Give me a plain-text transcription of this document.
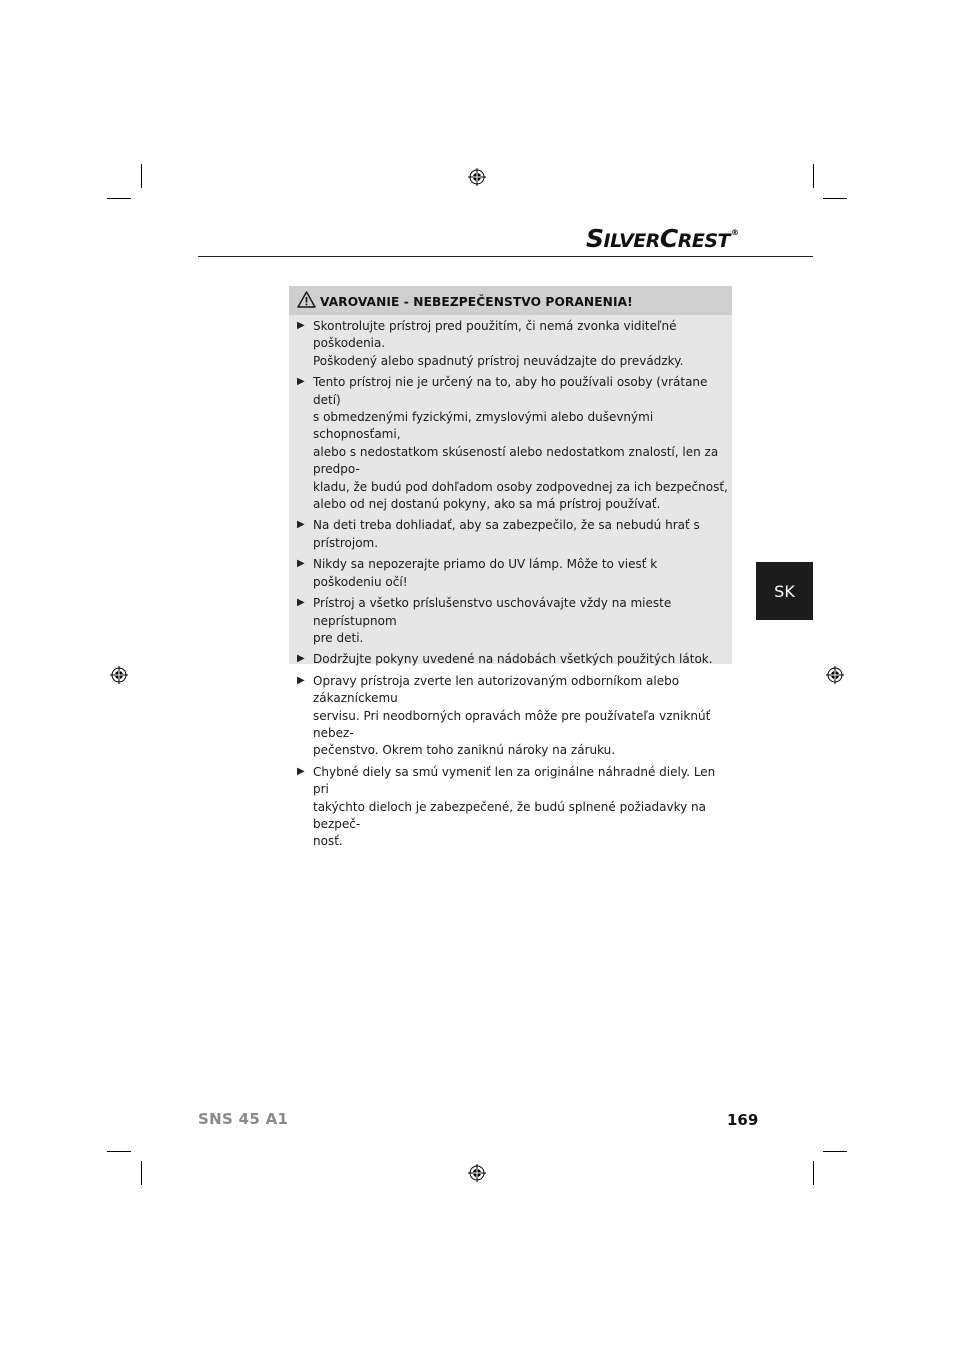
SILVERCREST®
VAROVANIE - NEBEZPEČENSTVO PORANENIA!
▶ Skontrolujte prístroj pred použitím, či nemá zvonka viditeľné poškodenia.
Poškodený alebo spadnutý prístroj neuvádzajte do prevádzky.
▶ Tento prístroj nie je určený na to, aby ho používali osoby (vrátane detí)
s obmedzenými fyzickými, zmyslovými alebo duševnými schopnosťami,
alebo s nedostatkom skúseností alebo nedostatkom znalostí, len za predpo-
kladu, že budú pod dohľadom osoby zodpovednej za ich bezpečnosť,
alebo od nej dostanú pokyny, ako sa má prístroj používať.
▶ Na deti treba dohliadať, aby sa zabezpečilo, že sa nebudú hrať s prístrojom.
▶ Nikdy sa nepozerajte priamo do UV lámp. Môže to viesť k poškodeniu očí!
▶ Prístroj a všetko príslušenstvo uschovávajte vždy na mieste neprístupnom
pre deti.
▶ Dodržujte pokyny uvedené na nádobách všetkých použitých látok.
▶ Opravy prístroja zverte len autorizovaným odborníkom alebo zákazníckemu
servisu. Pri neodborných opravách môže pre používateľa vzniknúť nebez-
pečenstvo. Okrem toho zaniknú nároky na záruku.
▶ Chybné diely sa smú vymeniť len za originálne náhradné diely. Len pri
takýchto dieloch je zabezpečené, že budú splnené požiadavky na bezpeč-
nosť.
SK
SNS 45 A1	169
